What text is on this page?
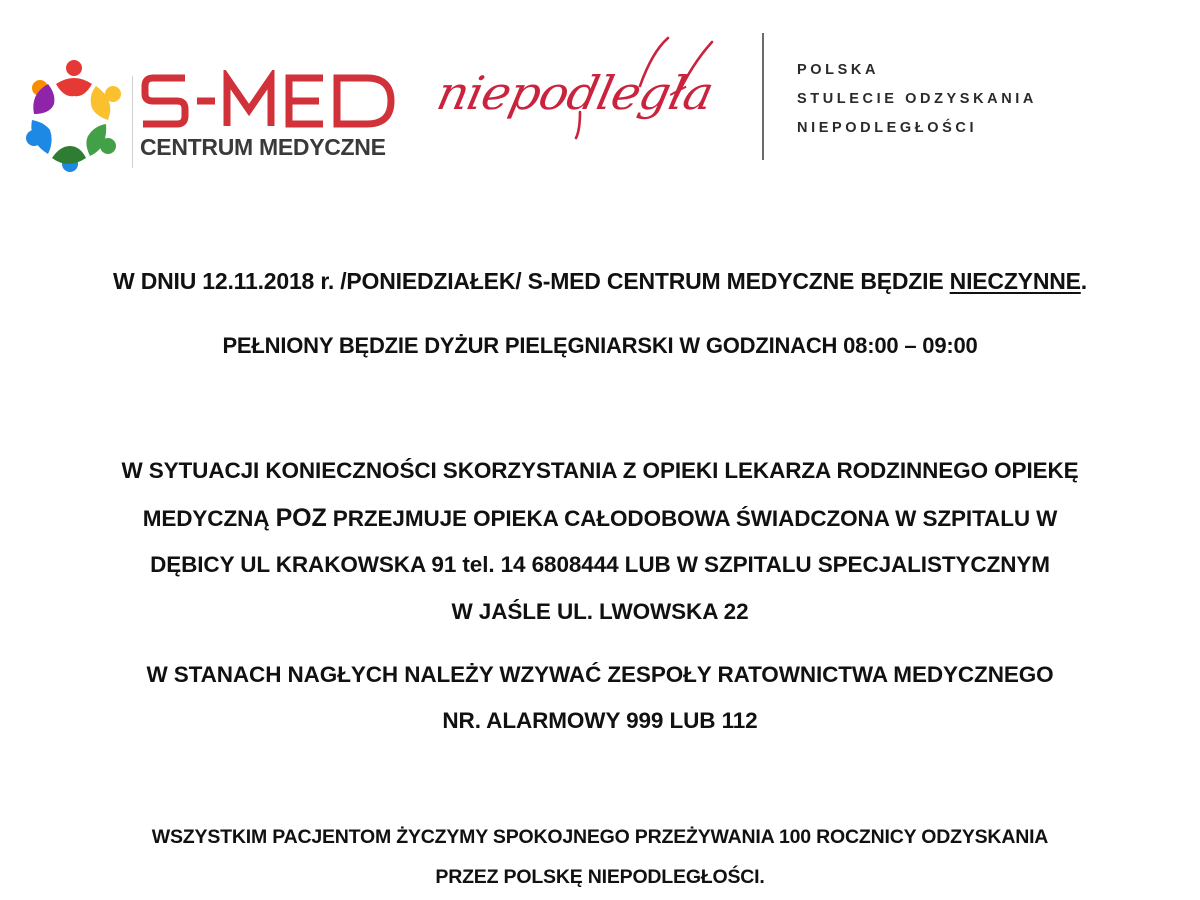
CENTRUM MEDYCZNE
niepodległa	POLSKA
STULECIE ODZYSKANIA
NIEPODLEGŁOŚCI
W DNIU 12.11.2018 r. /PONIEDZIAŁEK/ S-MED CENTRUM MEDYCZNE BĘDZIE NIECZYNNE.
PEŁNIONY BĘDZIE DYŻUR PIELĘGNIARSKI W GODZINACH 08:00 – 09:00
W SYTUACJI KONIECZNOŚCI SKORZYSTANIA Z OPIEKI LEKARZA RODZINNEGO OPIEKĘ
MEDYCZNĄ POZ PRZEJMUJE OPIEKA CAŁODOBOWA ŚWIADCZONA W SZPITALU W
DĘBICY UL KRAKOWSKA 91 tel. 14 6808444 LUB W SZPITALU SPECJALISTYCZNYM
W JAŚLE UL. LWOWSKA 22
W STANACH NAGŁYCH NALEŻY WZYWAĆ ZESPOŁY RATOWNICTWA MEDYCZNEGO
NR. ALARMOWY 999 LUB 112
WSZYSTKIM PACJENTOM ŻYCZYMY SPOKOJNEGO PRZEŻYWANIA 100 ROCZNICY ODZYSKANIA
PRZEZ POLSKĘ NIEPODLEGŁOŚCI.
